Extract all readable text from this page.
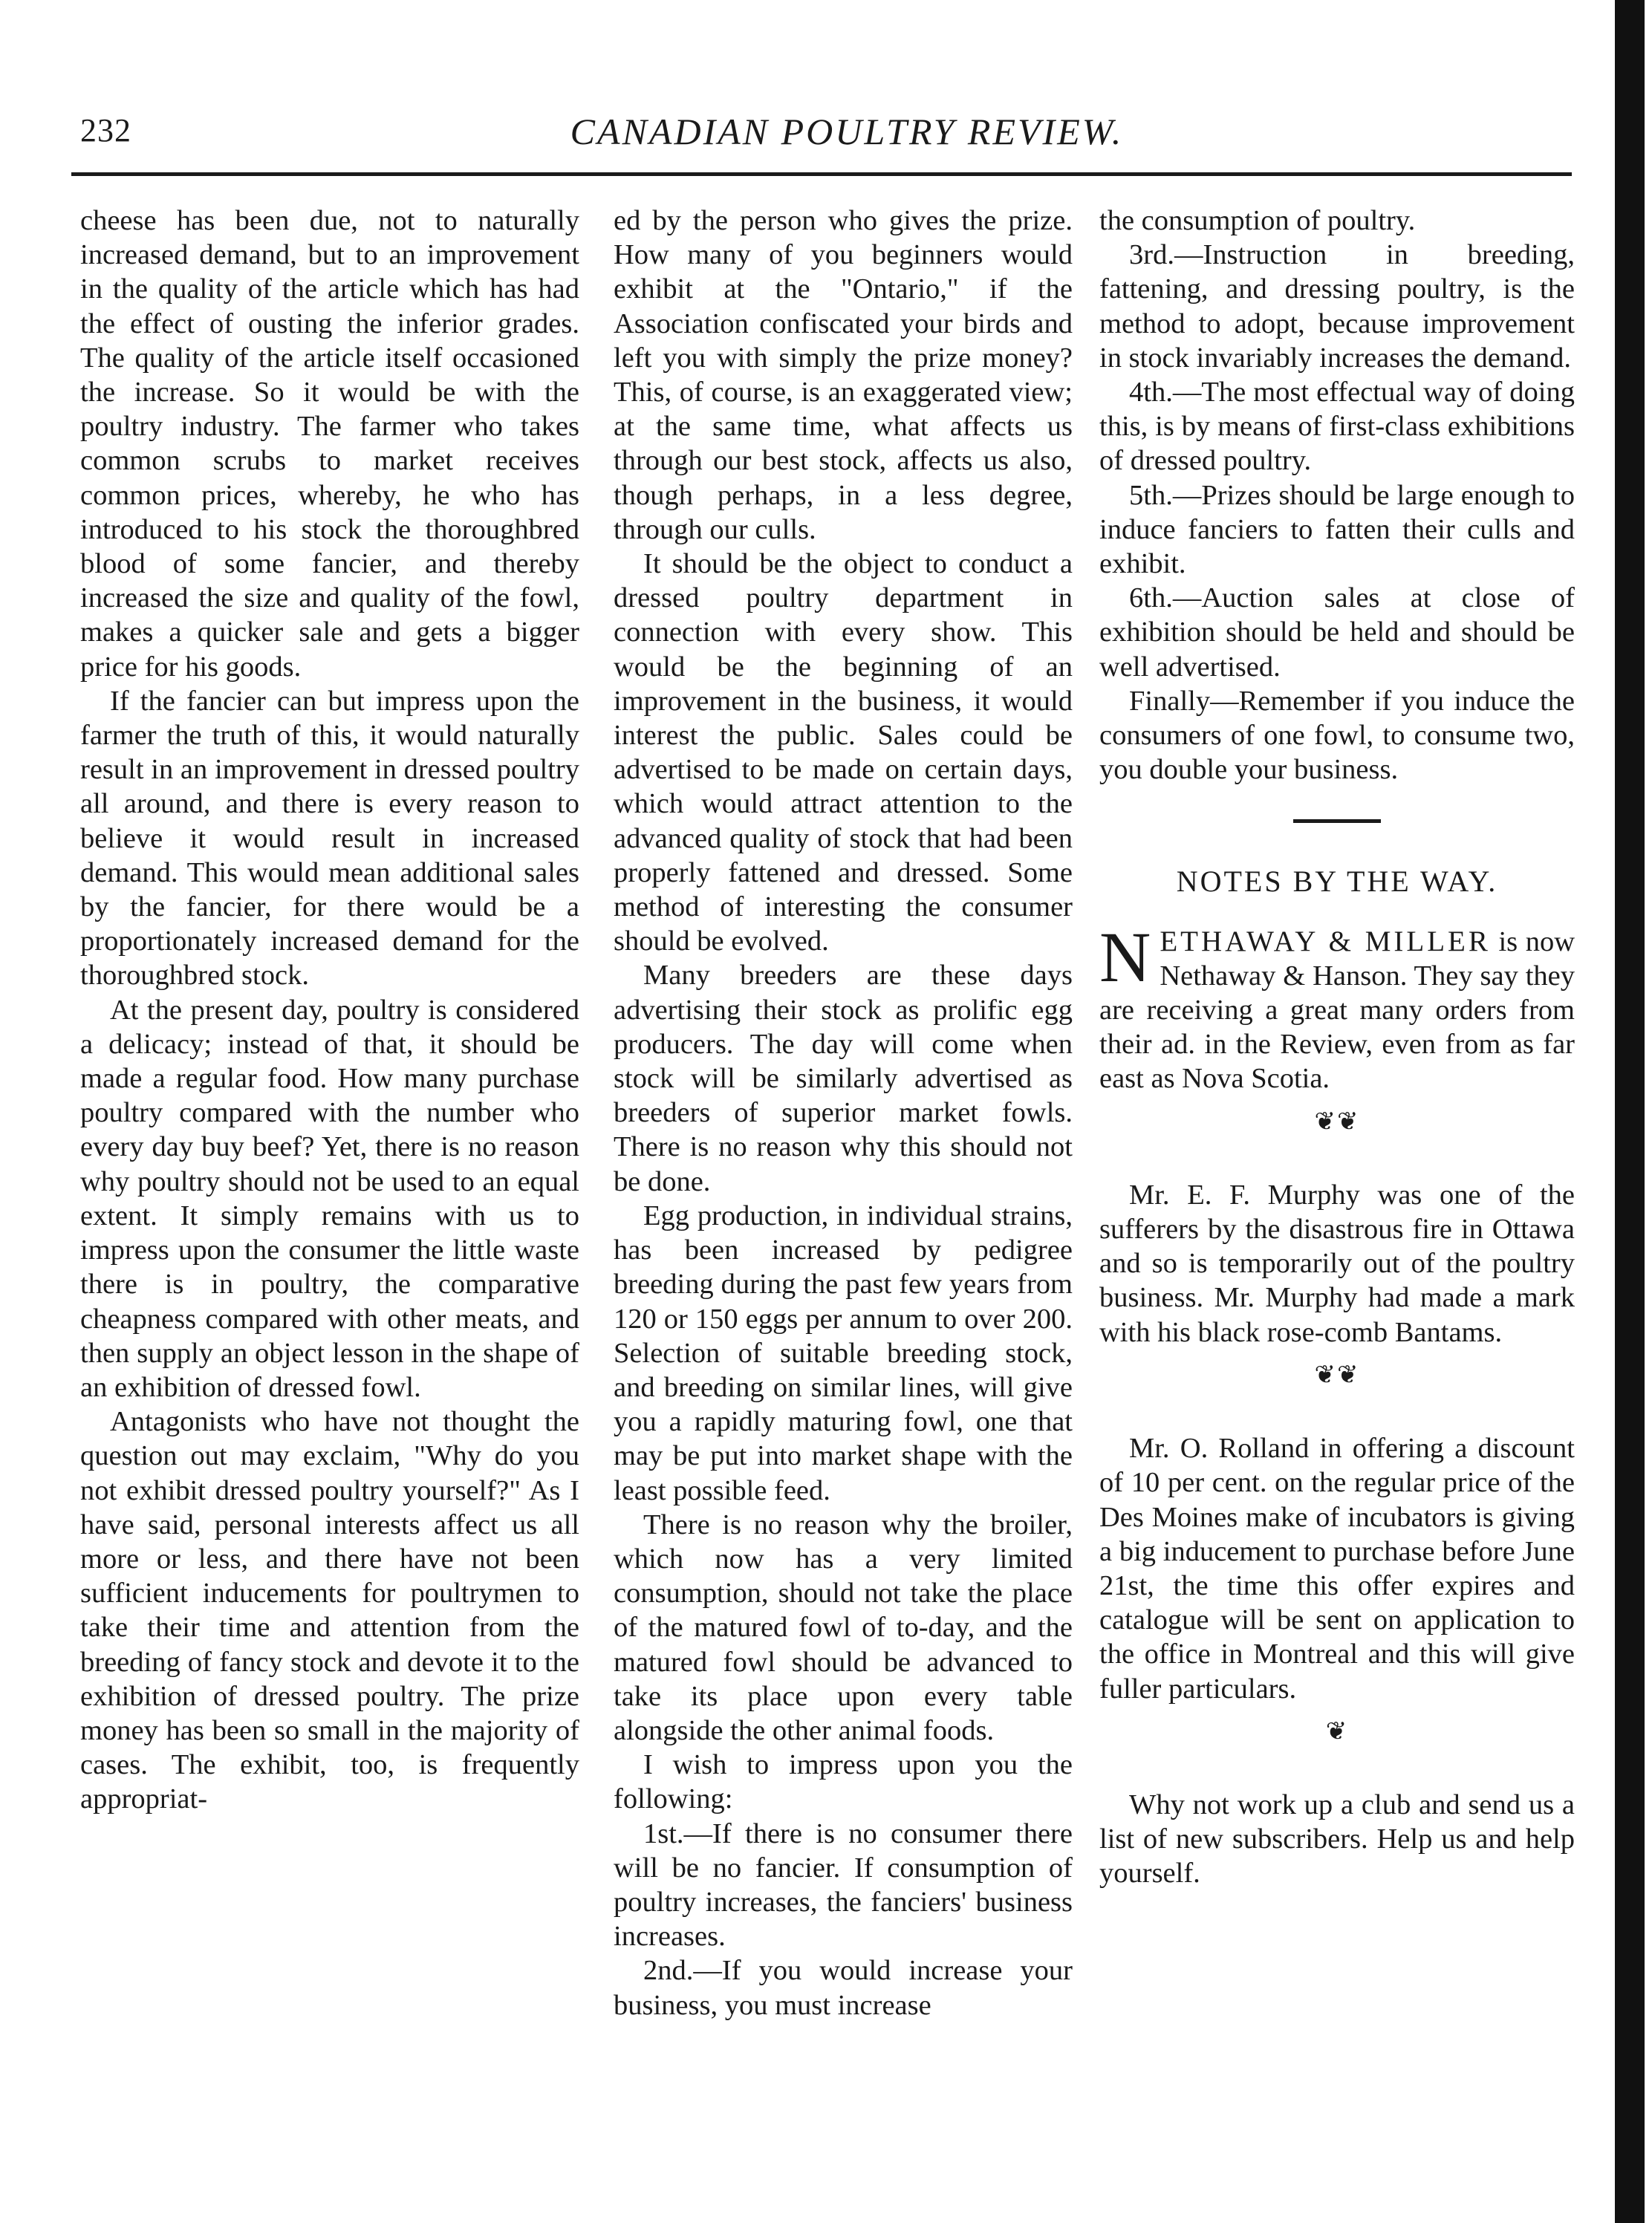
232	CANADIAN POULTRY REVIEW.

cheese has been due, not to naturally increased demand, but to an improvement in the quality of the article which has had the effect of ousting the inferior grades. The quality of the article itself occasioned the increase. So it would be with the poultry industry. The farmer who takes common scrubs to market receives common prices, whereby, he who has introduced to his stock the thoroughbred blood of some fancier, and thereby increased the size and quality of the fowl, makes a quicker sale and gets a bigger price for his goods.

If the fancier can but impress upon the farmer the truth of this, it would naturally result in an improvement in dressed poultry all around, and there is every reason to believe it would result in increased demand. This would mean additional sales by the fancier, for there would be a proportionately increased demand for the thoroughbred stock.

At the present day, poultry is considered a delicacy; instead of that, it should be made a regular food. How many purchase poultry compared with the number who every day buy beef? Yet, there is no reason why poultry should not be used to an equal extent. It simply remains with us to impress upon the consumer the little waste there is in poultry, the comparative cheapness compared with other meats, and then supply an object lesson in the shape of an exhibition of dressed fowl.

Antagonists who have not thought the question out may exclaim, "Why do you not exhibit dressed poultry yourself?" As I have said, personal interests affect us all more or less, and there have not been sufficient inducements for poultrymen to take their time and attention from the breeding of fancy stock and devote it to the exhibition of dressed poultry. The prize money has been so small in the majority of cases. The exhibit, too, is frequently appropriat-

ed by the person who gives the prize. How many of you beginners would exhibit at the "Ontario," if the Association confiscated your birds and left you with simply the prize money? This, of course, is an exaggerated view; at the same time, what affects us through our best stock, affects us also, though perhaps, in a less degree, through our culls.

It should be the object to conduct a dressed poultry department in connection with every show. This would be the beginning of an improvement in the business, it would interest the public. Sales could be advertised to be made on certain days, which would attract attention to the advanced quality of stock that had been properly fattened and dressed. Some method of interesting the consumer should be evolved.

Many breeders are these days advertising their stock as prolific egg producers. The day will come when stock will be similarly advertised as breeders of superior market fowls. There is no reason why this should not be done.

Egg production, in individual strains, has been increased by pedigree breeding during the past few years from 120 or 150 eggs per annum to over 200. Selection of suitable breeding stock, and breeding on similar lines, will give you a rapidly maturing fowl, one that may be put into market shape with the least possible feed.

There is no reason why the broiler, which now has a very limited consumption, should not take the place of the matured fowl of to-day, and the matured fowl should be advanced to take its place upon every table alongside the other animal foods.

I wish to impress upon you the following:

1st.—If there is no consumer there will be no fancier. If consumption of poultry increases, the fanciers' business increases.

2nd.—If you would increase your business, you must increase

the consumption of poultry.

3rd.—Instruction in breeding, fattening, and dressing poultry, is the method to adopt, because improvement in stock invariably increases the demand.

4th.—The most effectual way of doing this, is by means of first-class exhibitions of dressed poultry.

5th.—Prizes should be large enough to induce fanciers to fatten their culls and exhibit.

6th.—Auction sales at close of exhibition should be held and should be well advertised.

Finally—Remember if you induce the consumers of one fowl, to consume two, you double your business.

NOTES BY THE WAY.

NETHAWAY & MILLER is now Nethaway & Hanson. They say they are receiving a great many orders from their ad. in the Review, even from as far east as Nova Scotia.

❦❦

Mr. E. F. Murphy was one of the sufferers by the disastrous fire in Ottawa and so is temporarily out of the poultry business. Mr. Murphy had made a mark with his black rose-comb Bantams.

❦❦

Mr. O. Rolland in offering a discount of 10 per cent. on the regular price of the Des Moines make of incubators is giving a big inducement to purchase before June 21st, the time this offer expires and catalogue will be sent on application to the office in Montreal and this will give fuller particulars.

❦

Why not work up a club and send us a list of new subscribers. Help us and help yourself.
